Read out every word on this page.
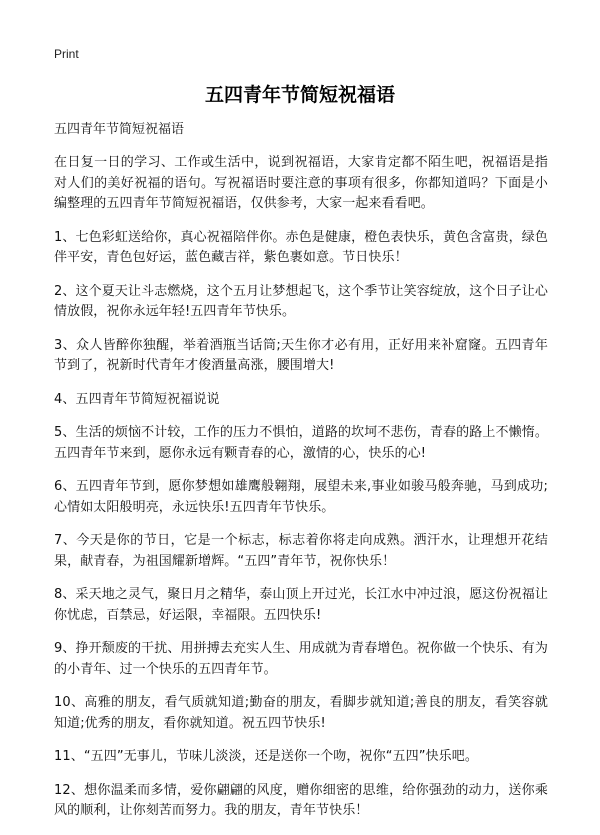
Print
五四青年节简短祝福语

五四青年节简短祝福语

在日复一日的学习、工作或生活中，说到祝福语，大家肯定都不陌生吧，祝福语是指对人们的美好祝福的语句。写祝福语时要注意的事项有很多，你都知道吗？下面是小编整理的五四青年节简短祝福语，仅供参考，大家一起来看看吧。

1、七色彩虹送给你，真心祝福陪伴你。赤色是健康，橙色表快乐，黄色含富贵，绿色伴平安，青色包好运，蓝色藏吉祥，紫色裹如意。节日快乐！

2、这个夏天让斗志燃烧，这个五月让梦想起飞，这个季节让笑容绽放，这个日子让心情放假，祝你永远年轻!五四青年节快乐。

3、众人皆醉你独醒，举着酒瓶当话筒;天生你才必有用，正好用来补窟窿。五四青年节到了，祝新时代青年才俊酒量高涨，腰围增大!

4、五四青年节简短祝福说说

5、生活的烦恼不计较，工作的压力不惧怕，道路的坎坷不悲伤，青春的路上不懒惰。五四青年节来到，愿你永远有颗青春的心，激情的心，快乐的心!

6、五四青年节到，愿你梦想如雄鹰般翱翔，展望未来,事业如骏马般奔驰，马到成功;心情如太阳般明亮，永远快乐!五四青年节快乐。

7、今天是你的节日，它是一个标志，标志着你将走向成熟。洒汗水，让理想开花结果，献青春，为祖国耀新增辉。“五四”青年节，祝你快乐！

8、采天地之灵气，聚日月之精华，泰山顶上开过光，长江水中冲过浪，愿这份祝福让你忧虑，百禁忌，好运限，幸福限。五四快乐!

9、挣开颓废的干扰、用拼搏去充实人生、用成就为青春增色。祝你做一个快乐、有为的小青年、过一个快乐的五四青年节。

10、高雅的朋友，看气质就知道;勤奋的朋友，看脚步就知道;善良的朋友，看笑容就知道;优秀的朋友，看你就知道。祝五四节快乐!

11、“五四”无事儿，节味儿淡淡，还是送你一个吻，祝你“五四”快乐吧。

12、想你温柔而多情，爱你翩翩的风度，赠你细密的思维，给你强劲的动力，送你乘风的顺利，让你刻苦而努力。我的朋友，青年节快乐！
